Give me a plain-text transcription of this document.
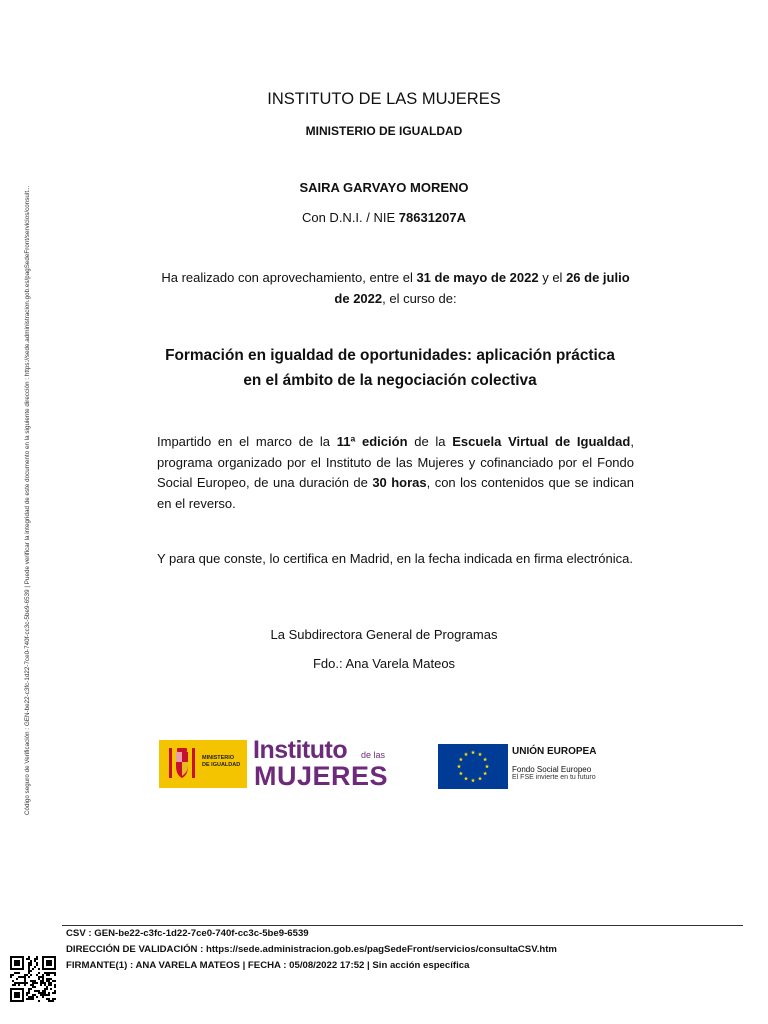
Código seguro de Verificación : GEN-be22-c3fc-1d22-7ce0-740f-cc3c-5be9-6539 | Puede verificar la integridad de este documento en la siguiente dirección : https://sede.administracion.gob.es/pagSedeFront/servicios/consult...
INSTITUTO DE LAS MUJERES
MINISTERIO DE IGUALDAD
SAIRA GARVAYO MORENO
Con D.N.I. / NIE 78631207A
Ha realizado con aprovechamiento, entre el 31 de mayo de 2022 y el 26 de julio de 2022, el curso de:
Formación en igualdad de oportunidades: aplicación práctica
en el ámbito de la negociación colectiva
Impartido en el marco de la 11ª edición de la Escuela Virtual de Igualdad, programa organizado por el Instituto de las Mujeres y cofinanciado por el Fondo Social Europeo, de una duración de 30 horas, con los contenidos que se indican en el reverso.
Y para que conste, lo certifica en Madrid, en la fecha indicada en firma electrónica.
La Subdirectora General de Programas
Fdo.: Ana Varela Mateos
MINISTERIO
DE IGUALDAD
Instituto de las
MUJERES
UNIÓN EUROPEA
Fondo Social Europeo
El FSE invierte en tu futuro
CSV : GEN-be22-c3fc-1d22-7ce0-740f-cc3c-5be9-6539
DIRECCIÓN DE VALIDACIÓN : https://sede.administracion.gob.es/pagSedeFront/servicios/consultaCSV.htm
FIRMANTE(1) : ANA VARELA MATEOS | FECHA : 05/08/2022 17:52 | Sin acción específica
